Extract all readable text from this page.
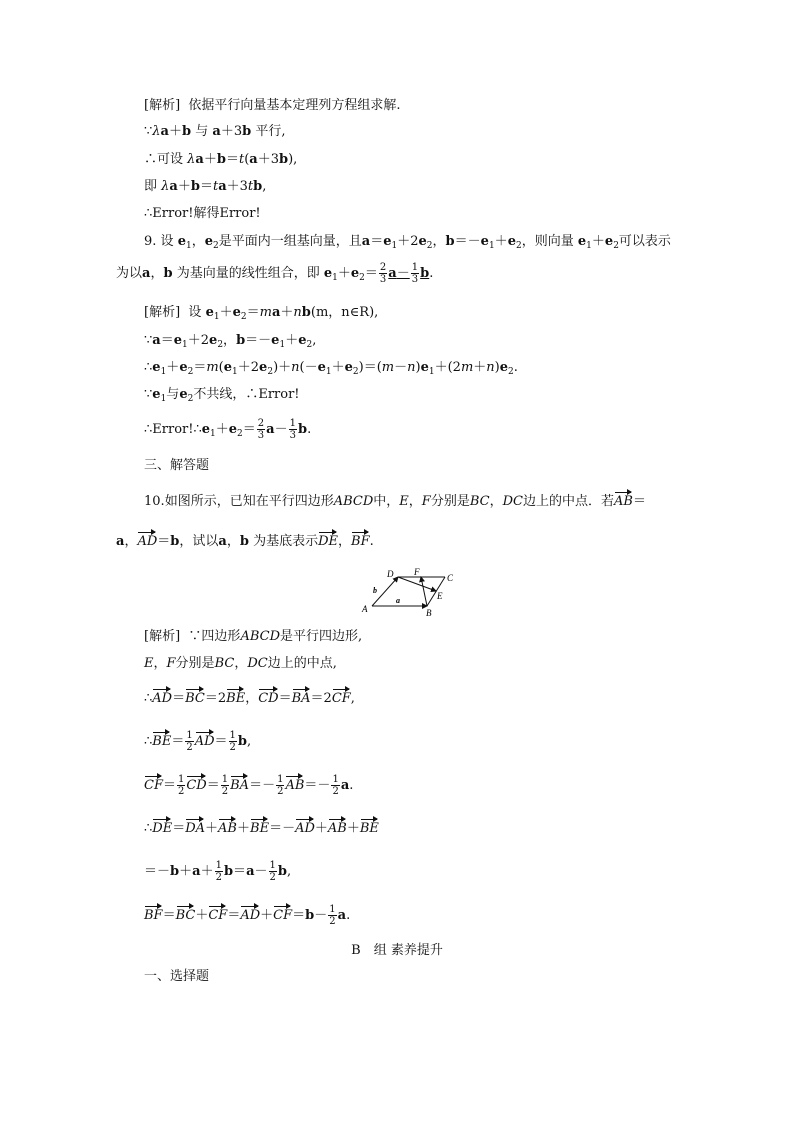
[解析] 依据平行向量基本定理列方程组求解.
∵λa＋b 与 a＋3b 平行,
∴可设 λa＋b＝t(a＋3b),
即 λa＋b＝ta＋3tb,
∴Error!解得Error!
9. 设 $e_1$，$e_2$是平面内一组基向量，且$a=e_1+2e_2$，$b=-e_1+e_2$，则向量 $e_1+e_2$可以表示
为以a，b 为基向量的线性组合，即 $e_1+e_2= \frac{2}{3} a- \frac{1}{3} b$.
[解析] 设 $e_1+e_2=ma+nb(m$，n∈R),
$\because a=e_1+2e_2$，$b=-e_1+e_2$,
$\therefore e_1+e_2=m(e_1+2e_2)+n(-e_1+e_2)=(m-n)e_1+(2m+n)e_2$.
$\because e_1$与$e_2$不共线，∴Error!
$\therefore Error!\therefore e_1+e_2= \frac{2}{3} a- \frac{1}{3} b$.
三、解答题
10.如图所示，已知在平行四边形ABCD中，E，F分别是BC，DC边上的中点．若AB＝
a，AD＝b，试以a，b 为基底表示DE，BF.
A	B
C
D
E
F
a
b
[解析] ∵四边形ABCD是平行四边形,
E，F分别是BC，DC边上的中点,
∴AD＝BC＝2BE，CD＝BA＝2CF,
∴BE＝ $\frac{1}{2} AD= \frac{1}{2} b$,
$CF= \frac{1}{2} CD= \frac{1}{2} BA=- \frac{1}{2} AB=- \frac{1}{2} a$.
∴DE＝DA＋AB＋BE＝－AD＋AB＋BE
$=-b+a+ \frac{1}{2} b=a- \frac{1}{2} b$,
$BF=BC+CF=AD+CF=b- \frac{1}{2} a$.
B　组 素养提升
一、选择题
